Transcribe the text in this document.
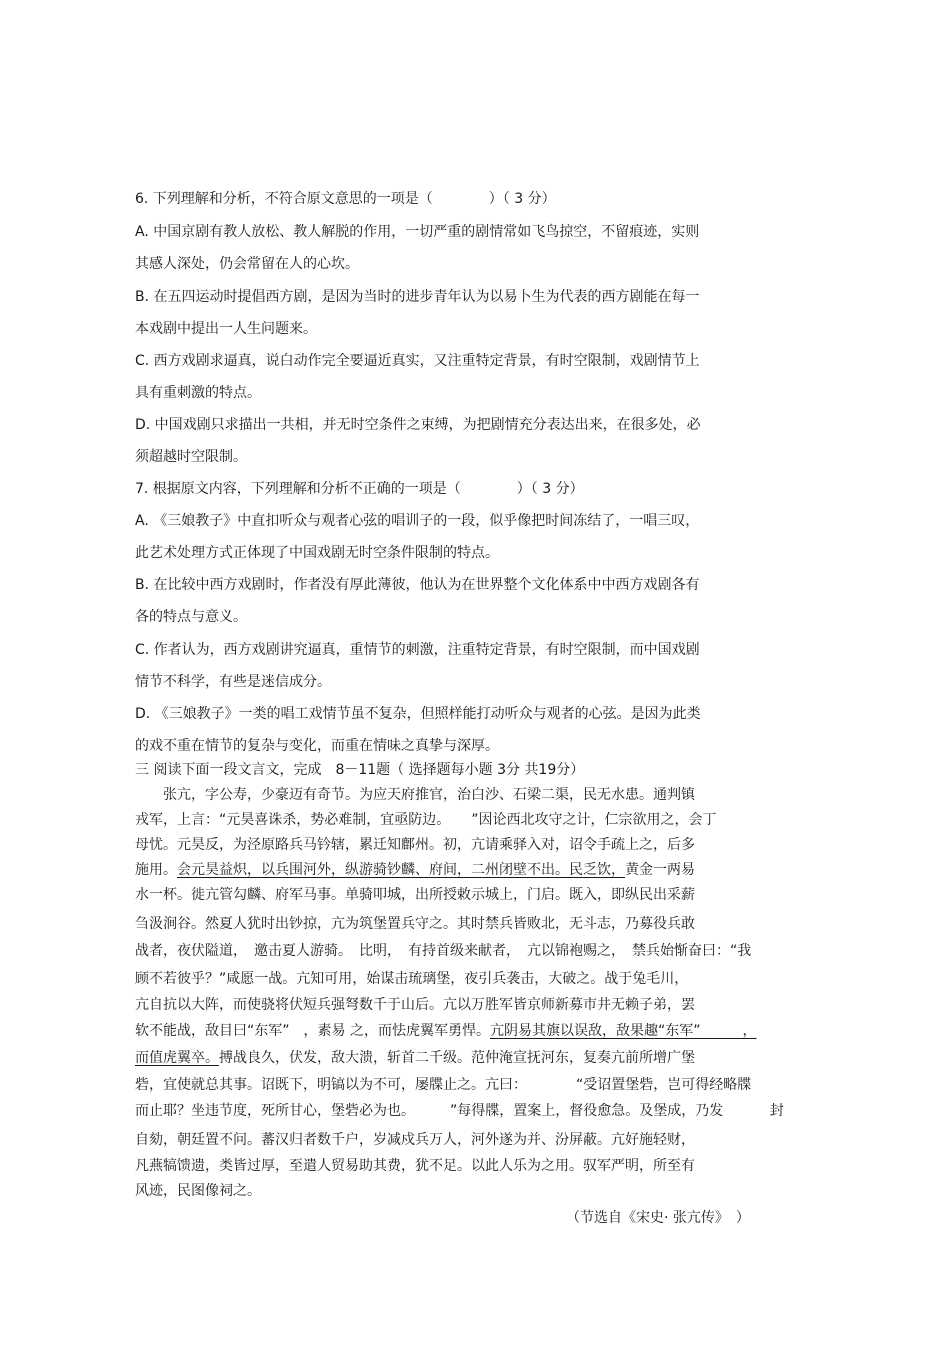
6. 下列理解和分析，不符合原文意思的一项是（　　　　）（ 3 分）
A. 中国京剧有教人放松、教人解脱的作用，一切严重的剧情常如飞鸟掠空，不留痕迹，实则
其感人深处，仍会常留在人的心坎。
B. 在五四运动时提倡西方剧，是因为当时的进步青年认为以易卜生为代表的西方剧能在每一
本戏剧中提出一人生问题来。
C. 西方戏剧求逼真，说白动作完全要逼近真实，又注重特定背景，有时空限制，戏剧情节上
具有重刺激的特点。
D. 中国戏剧只求描出一共相，并无时空条件之束缚，为把剧情充分表达出来，在很多处，必
须超越时空限制。
7. 根据原文内容，下列理解和分析不正确的一项是（　　　　）（ 3 分）
A. 《三娘教子》中直扣听众与观者心弦的唱训子的一段，似乎像把时间冻结了，一唱三叹，
此艺术处理方式正体现了中国戏剧无时空条件限制的特点。
B. 在比较中西方戏剧时，作者没有厚此薄彼，他认为在世界整个文化体系中中西方戏剧各有
各的特点与意义。
C. 作者认为，西方戏剧讲究逼真，重情节的刺激，注重特定背景，有时空限制，而中国戏剧
情节不科学，有些是迷信成分。
D. 《三娘教子》一类的唱工戏情节虽不复杂，但照样能打动听众与观者的心弦。是因为此类
的戏不重在情节的复杂与变化，而重在情味之真挚与深厚。
三 阅读下面一段文言文，完成　8－11题（ 选择题每小题 3分 共19分）
　　张亢，字公寿，少豪迈有奇节。为应天府推官，治白沙、石梁二渠，民无水患。通判镇
戎军，上言：“元昊喜诛杀，势必难制，宜亟防边。　　”因论西北攻守之计，仁宗欲用之，会丁
母忧。元昊反，为泾原路兵马钤辖，累迁知鄜州。初，亢请乘驿入对，诏令手疏上之，后多
施用。会元昊益炽，以兵围河外，纵游骑钞麟、府间，二州闭壁不出。民乏饮，黄金一两易
水一杯。徙亢管勾麟、府军马事。单骑叩城，出所授敕示城上，门启。既入，即纵民出采薪
刍汲涧谷。然夏人犹时出钞掠，亢为筑堡置兵守之。其时禁兵皆败北，无斗志，乃募役兵敢
战者，夜伏隘道，　邀击夏人游骑。　比明，　有持首级来献者，　亢以锦袍赐之，　禁兵始惭奋曰：“我
顾不若彼乎？”咸愿一战。亢知可用，始谋击琉璃堡，夜引兵袭击，大破之。战于兔毛川，
亢自抗以大阵，而使骁将伏短兵强弩数千于山后。亢以万胜军皆京师新募市井无赖子弟，罢
软不能战，敌目曰“东军”　，素易 之，而怯虎翼军勇悍。亢阴易其旗以误敌，敌果趣“东军”　　　，
而值虎翼卒。搏战良久，伏发，敌大溃，斩首二千级。范仲淹宣抚河东，复奏亢前所增广堡
砦，宜使就总其事。诏既下，明镐以为不可，屡牒止之。亢曰：　　　　“受诏置堡砦，岂可得经略牒
而止耶？坐违节度，死所甘心，堡砦必为也。　　　”每得牒，置案上，督役愈急。及堡成，乃发　　　 封
自劾，朝廷置不问。蕃汉归者数千户，岁减戍兵万人，河外遂为并、汾屏蔽。亢好施轻财，
凡燕犒馈遗，类皆过厚，至遣人贸易助其费，犹不足。以此人乐为之用。驭军严明，所至有
风迹，民图像祠之。
（节选自《宋史· 张亢传》　）
